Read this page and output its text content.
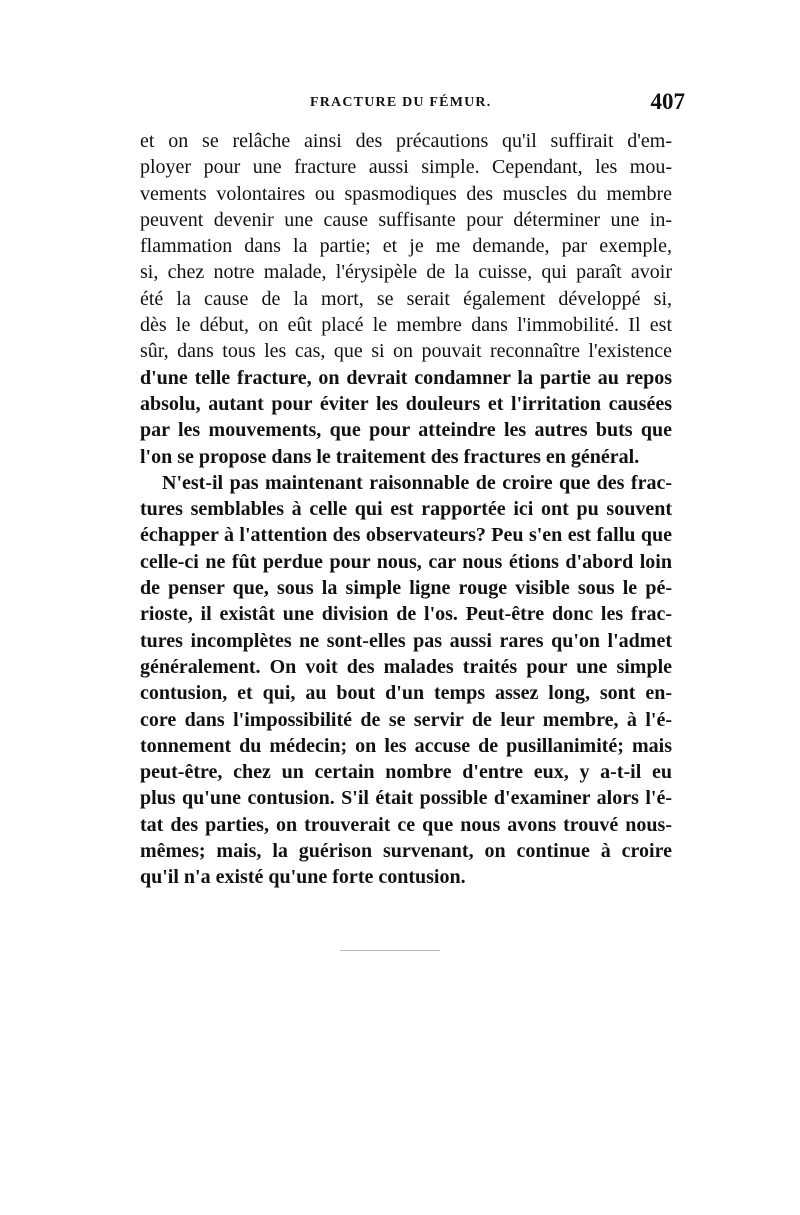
FRACTURE DU FÉMUR.	407
et on se relâche ainsi des précautions qu'il suffirait d'em-
ployer pour une fracture aussi simple. Cependant, les mou-
vements volontaires ou spasmodiques des muscles du membre
peuvent devenir une cause suffisante pour déterminer une in-
flammation dans la partie; et je me demande, par exemple,
si, chez notre malade, l'érysipèle de la cuisse, qui paraît avoir
été la cause de la mort, se serait également développé si,
dès le début, on eût placé le membre dans l'immobilité. Il est
sûr, dans tous les cas, que si on pouvait reconnaître l'existence
d'une telle fracture, on devrait condamner la partie au repos
absolu, autant pour éviter les douleurs et l'irritation causées
par les mouvements, que pour atteindre les autres buts que
l'on se propose dans le traitement des fractures en général.
N'est-il pas maintenant raisonnable de croire que des frac-
tures semblables à celle qui est rapportée ici ont pu souvent
échapper à l'attention des observateurs? Peu s'en est fallu que
celle-ci ne fût perdue pour nous, car nous étions d'abord loin
de penser que, sous la simple ligne rouge visible sous le pé-
rioste, il existât une division de l'os. Peut-être donc les frac-
tures incomplètes ne sont-elles pas aussi rares qu'on l'admet
généralement. On voit des malades traités pour une simple
contusion, et qui, au bout d'un temps assez long, sont en-
core dans l'impossibilité de se servir de leur membre, à l'é-
tonnement du médecin; on les accuse de pusillanimité; mais
peut-être, chez un certain nombre d'entre eux, y a-t-il eu
plus qu'une contusion. S'il était possible d'examiner alors l'é-
tat des parties, on trouverait ce que nous avons trouvé nous-
mêmes; mais, la guérison survenant, on continue à croire
qu'il n'a existé qu'une forte contusion.
